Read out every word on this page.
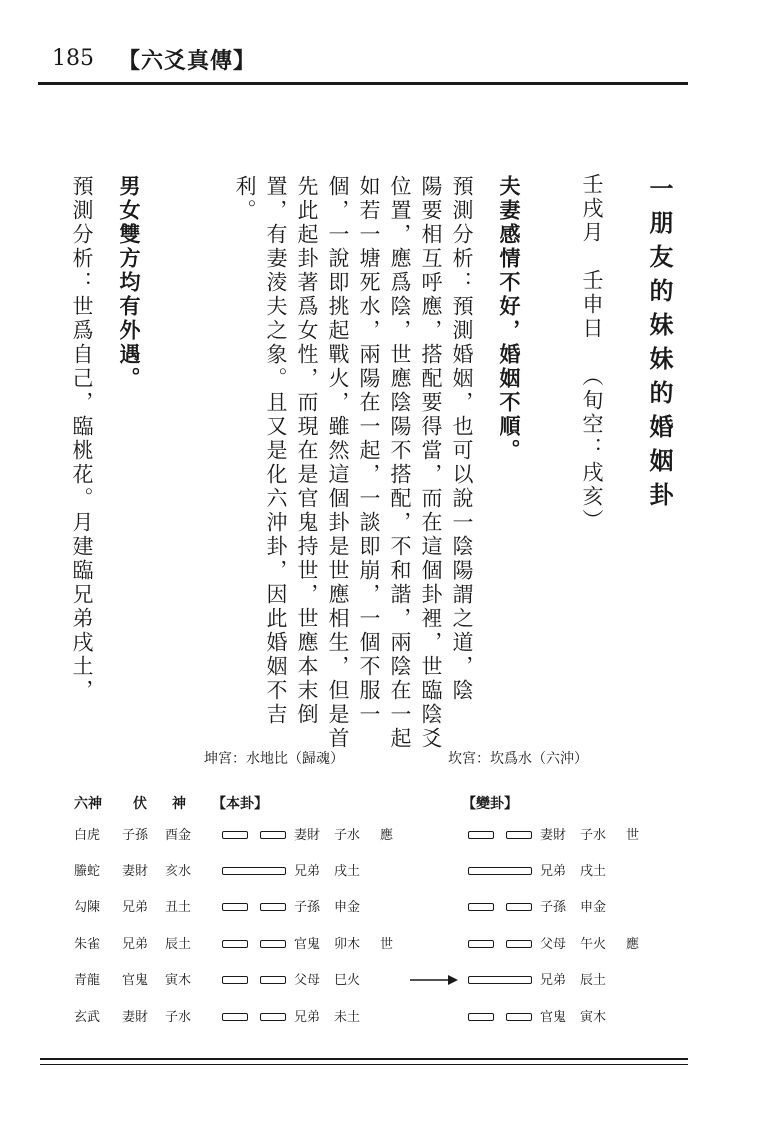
185 【六爻真傳】
一朋友的妹妹的婚姻卦
壬戌月壬申日（旬空：戌亥）
夫妻感情不好，婚姻不順。
預測分析：預測婚姻，也可以說一陰陽謂之道，陰
陽要相互呼應，搭配要得當，而在這個卦裡，世臨陰爻
位置，應爲陰，世應陰陽不搭配，不和諧，兩陰在一起
如若一塘死水，兩陽在一起，一談即崩，一個不服一
個，一說即挑起戰火，雖然這個卦是世應相生，但是首
先此起卦著爲女性，而現在是官鬼持世，世應本末倒
置，有妻淩夫之象。且又是化六沖卦，因此婚姻不吉
利。
男女雙方均有外遇。
預測分析：世爲自己，臨桃花。月建臨兄弟戌土，
坤宮：水地比（歸魂）	坎宮：坎爲水（六沖）
六神 伏 神 【本卦】	【變卦】
白虎 子孫 酉金	妻財 子水 應	妻財 子水 世
螣蛇 妻財 亥水	兄弟 戌土	兄弟 戌土
勾陳 兄弟 丑土	子孫 申金	子孫 申金
朱雀 兄弟 辰土	官鬼 卯木 世	父母 午火 應
青龍 官鬼 寅木	父母 巳火	兄弟 辰土
玄武 妻財 子水	兄弟 未土	官鬼 寅木
